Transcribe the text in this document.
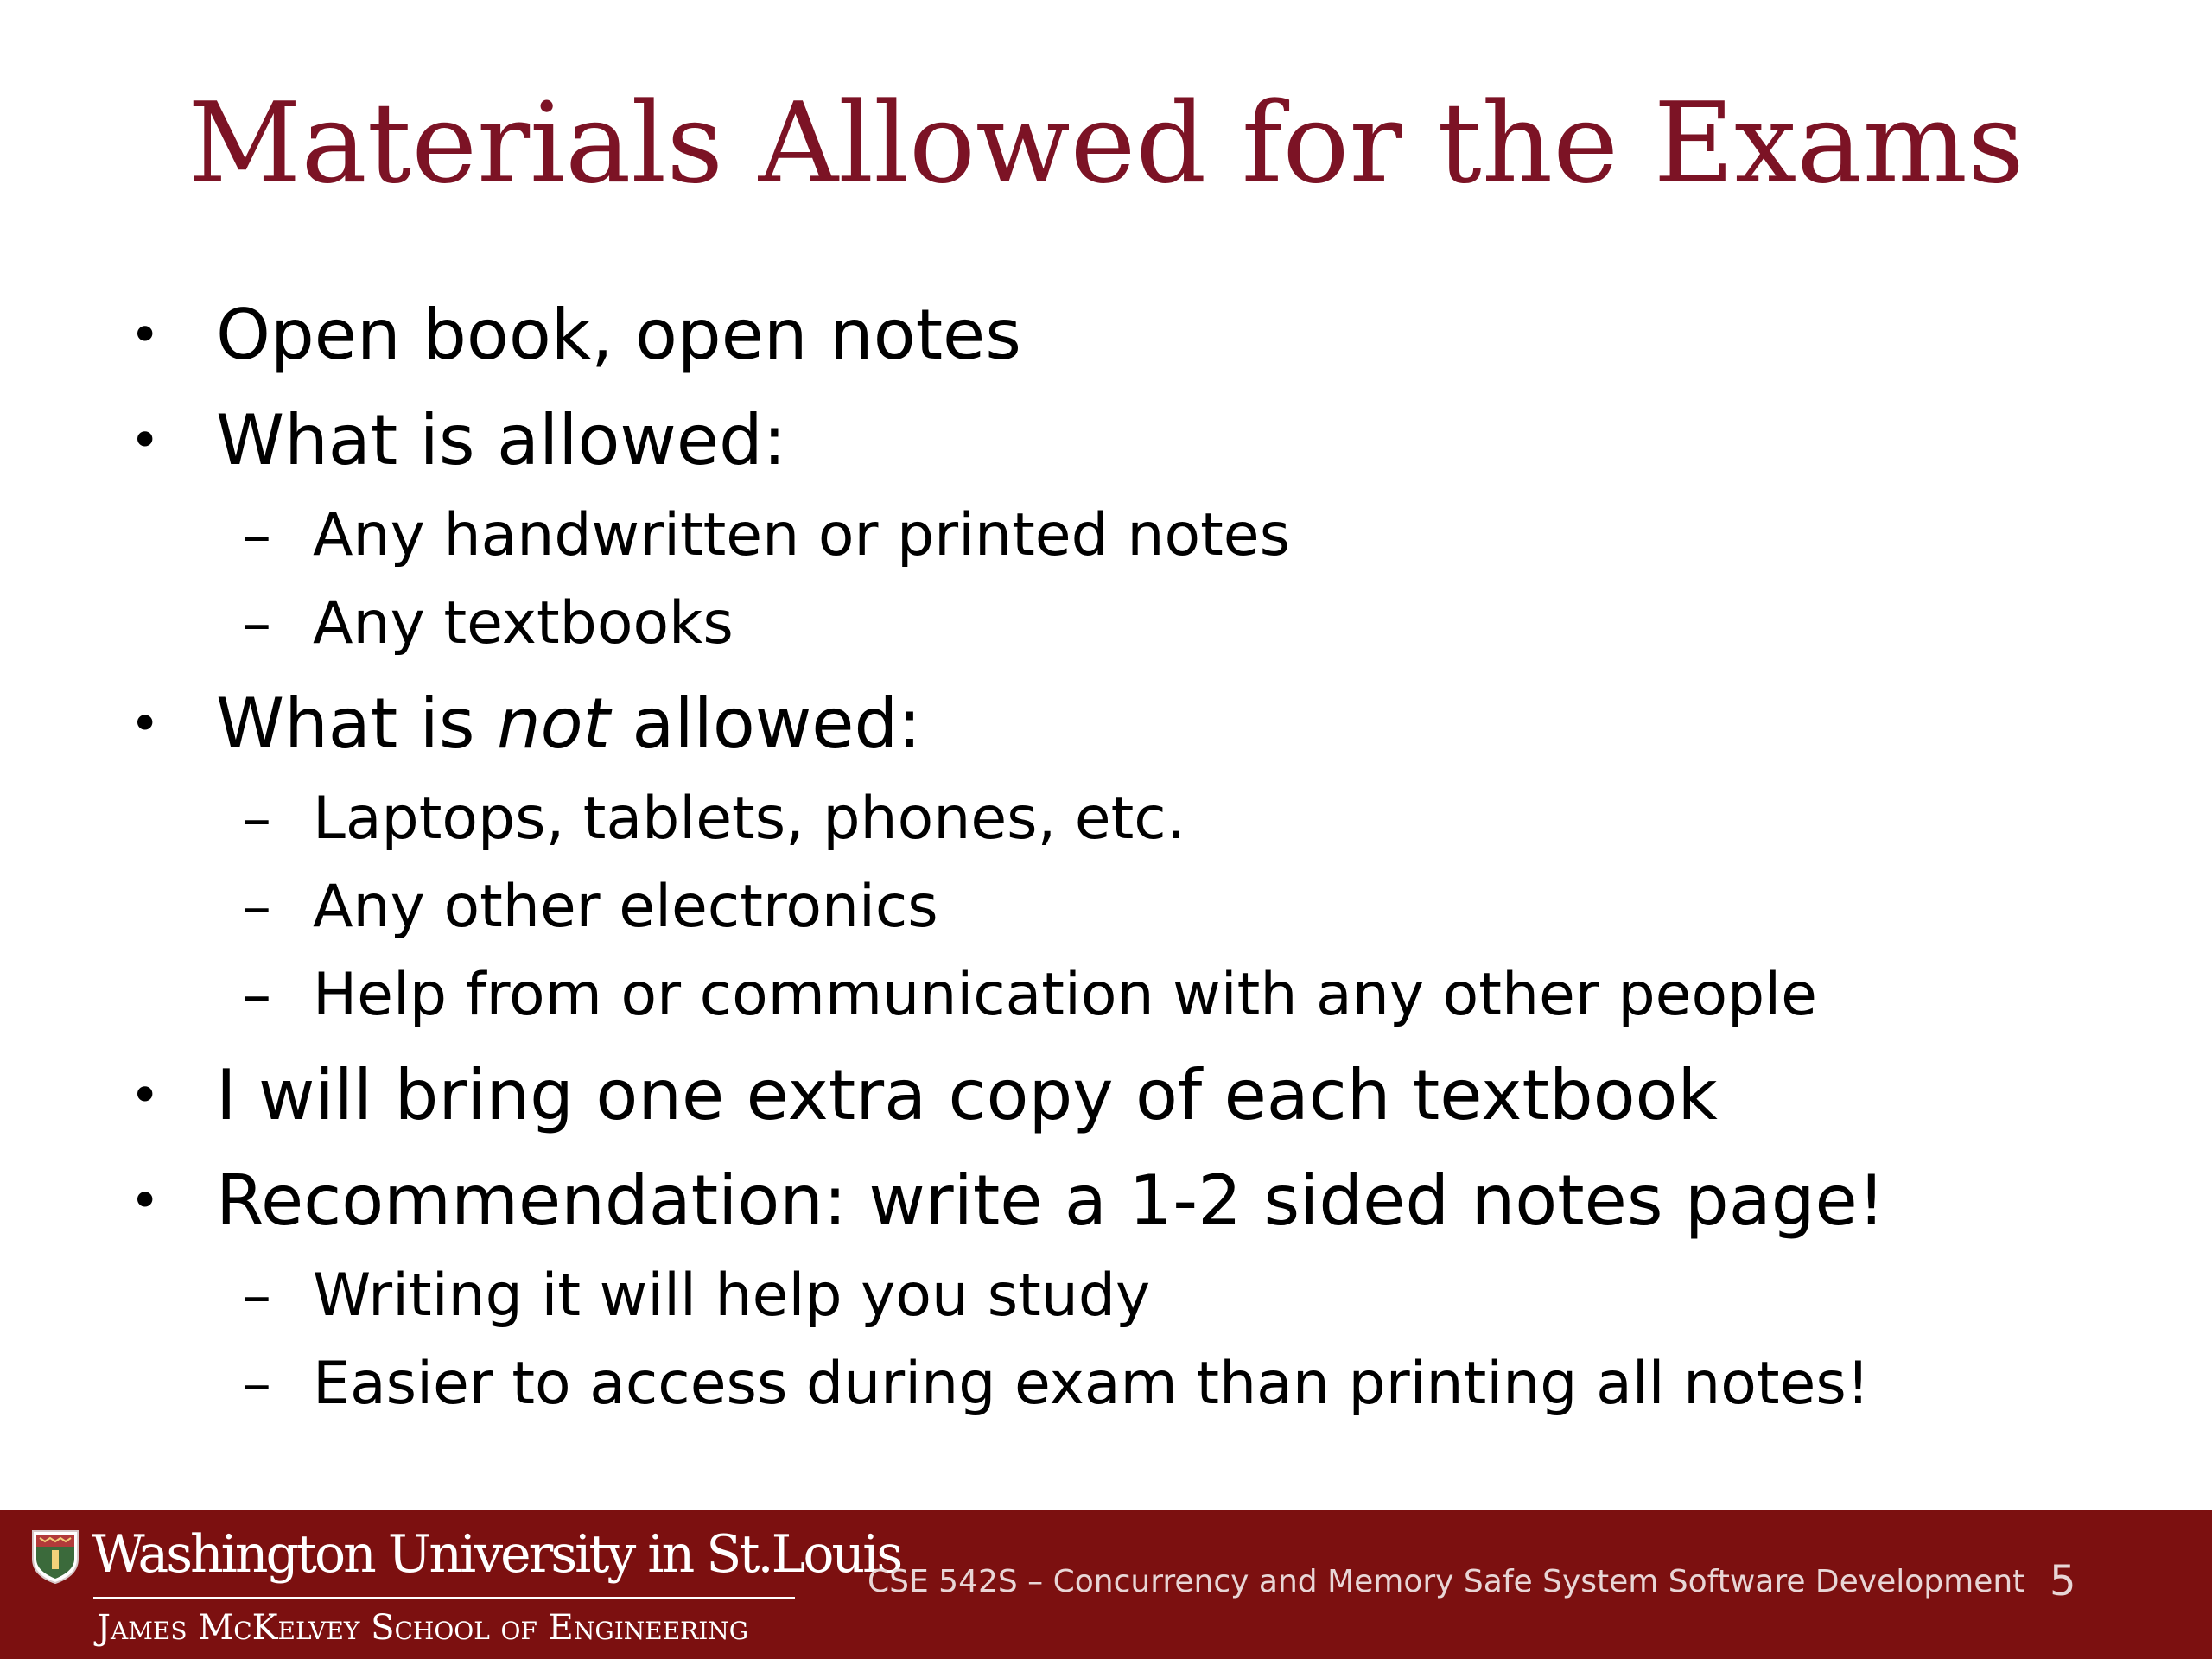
Materials Allowed for the Exams
• Open book, open notes
• What is allowed:
– Any handwritten or printed notes
– Any textbooks
• What is not allowed:
– Laptops, tablets, phones, etc.
– Any other electronics
– Help from or communication with any other people
• I will bring one extra copy of each textbook
• Recommendation: write a 1-2 sided notes page!
– Writing it will help you study
– Easier to access during exam than printing all notes!
Washington University in St.Louis
James McKelvey School of Engineering
CSE 542S – Concurrency and Memory Safe System Software Development 5
